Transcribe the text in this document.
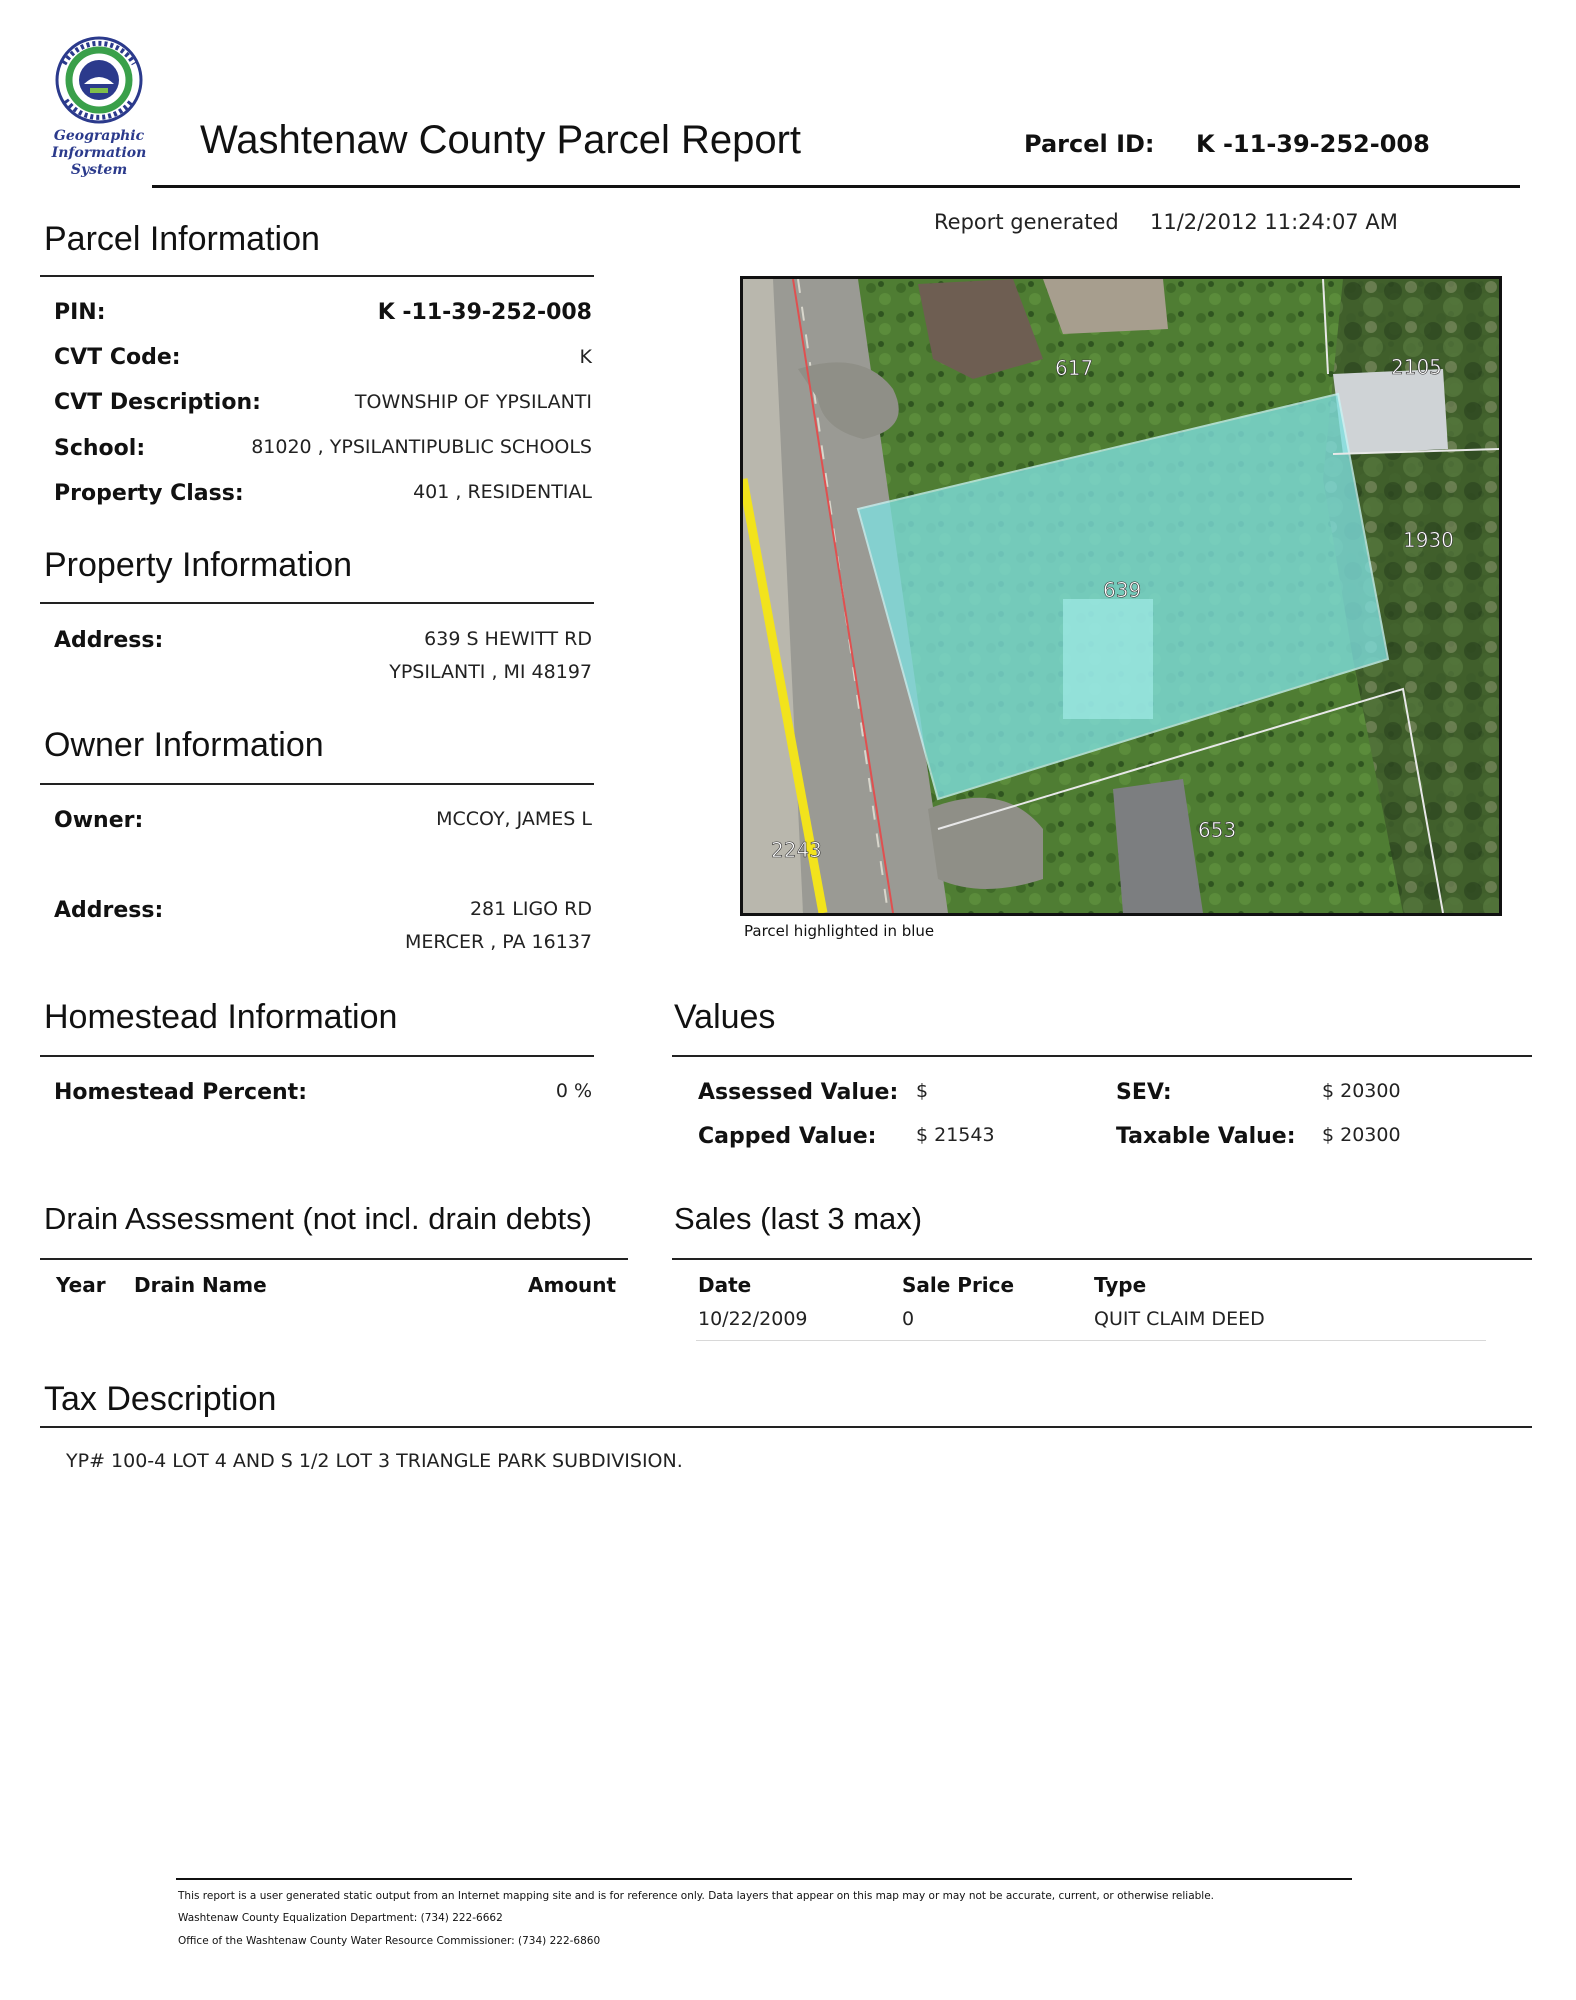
Geographic
Information
System
Washtenaw County Parcel Report	Parcel ID: K -11-39-252-008
Report generated 11/2/2012 11:24:07 AM
Parcel Information
PIN:	K -11-39-252-008
CVT Code:	K
CVT Description:	TOWNSHIP OF YPSILANTI
School:	81020 , YPSILANTIPUBLIC SCHOOLS
Property Class:	401 , RESIDENTIAL
Property Information
Address:	639 S HEWITT RD
YPSILANTI , MI 48197
Owner Information
Owner:	MCCOY, JAMES L
Address:	281 LIGO RD
MERCER , PA 16137
617	2105
1930
639
653
2243
Parcel highlighted in blue
Homestead Information
Homestead Percent:	0 %
Values
Assessed Value: $
Capped Value: $ 21543
SEV:	$ 20300
Taxable Value: $ 20300
Drain Assessment (not incl. drain debts)
Year Drain Name	Amount
Sales (last 3 max)
Date	Sale Price	Type
10/22/2009	0	QUIT CLAIM DEED
Tax Description
YP# 100-4 LOT 4 AND S 1/2 LOT 3 TRIANGLE PARK SUBDIVISION.
This report is a user generated static output from an Internet mapping site and is for reference only. Data layers that appear on this map may or may not be accurate, current, or otherwise reliable.
Washtenaw County Equalization Department: (734) 222-6662
Office of the Washtenaw County Water Resource Commissioner: (734) 222-6860
